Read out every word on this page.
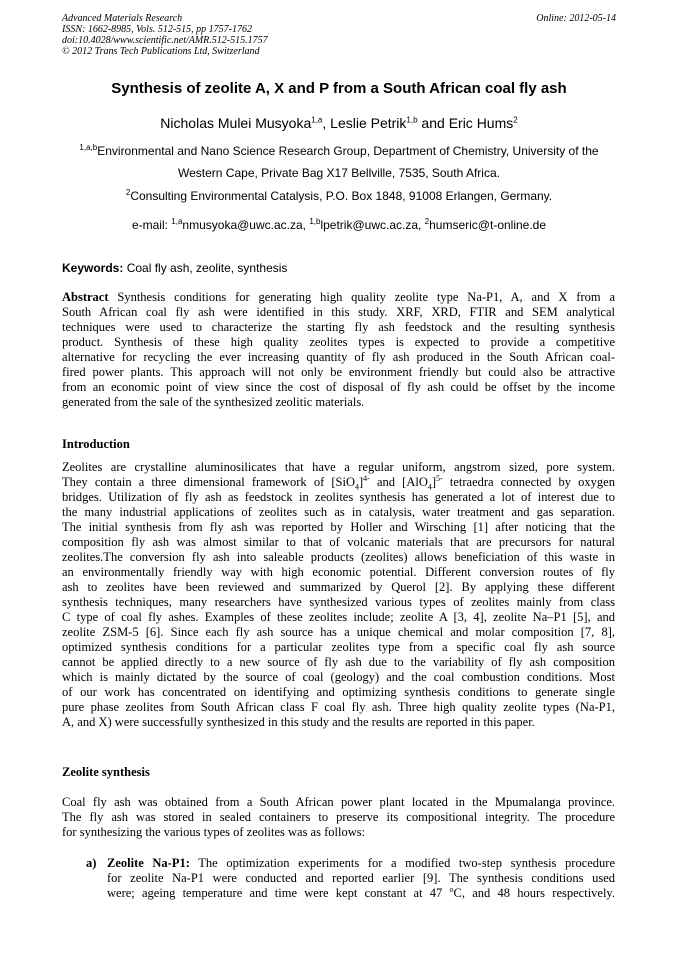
Advanced Materials Research
ISSN: 1662-8985, Vols. 512-515, pp 1757-1762
doi:10.4028/www.scientific.net/AMR.512-515.1757
© 2012 Trans Tech Publications Ltd, Switzerland
Online: 2012-05-14
Synthesis of zeolite A, X and P from a South African coal fly ash
Nicholas Mulei Musyoka$^{1,a}$, Leslie Petrik$^{1,b}$ and Eric Hums$^2$
$^{1,a,b}$Environmental and Nano Science Research Group, Department of Chemistry, University of the
Western Cape, Private Bag X17 Bellville, 7535, South Africa.
$^2$Consulting Environmental Catalysis, P.O. Box 1848, 91008 Erlangen, Germany.
e-mail: $^{1,a}$nmusyoka@uwc.ac.za, $^{1,b}$lpetrik@uwc.ac.za, $^2$humseric@t-online.de
Keywords: Coal fly ash, zeolite, synthesis
Abstract Synthesis conditions for generating high quality zeolite type Na-P1, A, and X from a
South African coal fly ash were identified in this study. XRF, XRD, FTIR and SEM analytical
techniques were used to characterize the starting fly ash feedstock and the resulting synthesis
product. Synthesis of these high quality zeolites types is expected to provide a competitive
alternative for recycling the ever increasing quantity of fly ash produced in the South African coal-
fired power plants. This approach will not only be environment friendly but could also be attractive
from an economic point of view since the cost of disposal of fly ash could be offset by the income
generated from the sale of the synthesized zeolitic materials.
Introduction
Zeolites are crystalline aluminosilicates that have a regular uniform, angstrom sized, pore system.
They contain a three dimensional framework of $[SiO_4]^{4-}$ and $[AlO_4]^{5-}$ tetraedra connected by oxygen
bridges. Utilization of fly ash as feedstock in zeolites synthesis has generated a lot of interest due to
the many industrial applications of zeolites such as in catalysis, water treatment and gas separation.
The initial synthesis from fly ash was reported by Holler and Wirsching [1] after noticing that the
composition fly ash was almost similar to that of volcanic materials that are precursors for natural
zeolites.The conversion fly ash into saleable products (zeolites) allows beneficiation of this waste in
an environmentally friendly way with high economic potential. Different conversion routes of fly
ash to zeolites have been reviewed and summarized by Querol [2]. By applying these different
synthesis techniques, many researchers have synthesized various types of zeolites mainly from class
C type of coal fly ashes. Examples of these zeolites include; zeolite A [3, 4], zeolite Na–P1 [5], and
zeolite ZSM-5 [6]. Since each fly ash source has a unique chemical and molar composition [7, 8],
optimized synthesis conditions for a particular zeolites type from a specific coal fly ash source
cannot be applied directly to a new source of fly ash due to the variability of fly ash composition
which is mainly dictated by the source of coal (geology) and the coal combustion conditions. Most
of our work has concentrated on identifying and optimizing synthesis conditions to generate single
pure phase zeolites from South African class F coal fly ash. Three high quality zeolite types (Na-P1,
A, and X) were successfully synthesized in this study and the results are reported in this paper.
Zeolite synthesis
Coal fly ash was obtained from a South African power plant located in the Mpumalanga province.
The fly ash was stored in sealed containers to preserve its compositional integrity. The procedure
for synthesizing the various types of zeolites was as follows:
a) Zeolite Na-P1: The optimization experiments for a modified two-step synthesis procedure
for zeolite Na-P1 were conducted and reported earlier [9]. The synthesis conditions used
were; ageing temperature and time were kept constant at 47 $^o$C, and 48 hours respectively.
